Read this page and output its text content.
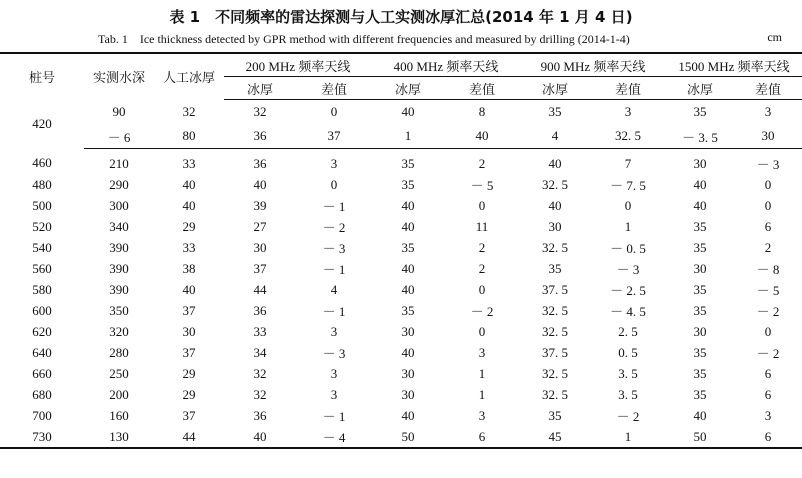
表 1　不同频率的雷达探测与人工实测冰厚汇总(2014 年 1 月 4 日)
Tab. 1　Ice thickness detected by GPR method with different frequencies and measured by drilling (2014-1-4)	cm
桩号	实测水深	人工冰厚	200 MHz 频率天线		400 MHz 频率天线		900 MHz 频率天线		1500 MHz 频率天线	
			冰厚	差值	冰厚	差值	冰厚	差值	冰厚	差值
420	90	32	32	0	40	8	35	3	35	3
	－ 6	80	36	37	1	40	4	32. 5	－ 3. 5	30
460	210	33	36	3	35	2	40	7	30	－ 3
480	290	40	40	0	35	－ 5	32. 5	－ 7. 5	40	0
500	300	40	39	－ 1	40	0	40	0	40	0
520	340	29	27	－ 2	40	11	30	1	35	6
540	390	33	30	－ 3	35	2	32. 5	－ 0. 5	35	2
560	390	38	37	－ 1	40	2	35	－ 3	30	－ 8
580	390	40	44	4	40	0	37. 5	－ 2. 5	35	－ 5
600	350	37	36	－ 1	35	－ 2	32. 5	－ 4. 5	35	－ 2
620	320	30	33	3	30	0	32. 5	2. 5	30	0
640	280	37	34	－ 3	40	3	37. 5	0. 5	35	－ 2
660	250	29	32	3	30	1	32. 5	3. 5	35	6
680	200	29	32	3	30	1	32. 5	3. 5	35	6
700	160	37	36	－ 1	40	3	35	－ 2	40	3
730	130	44	40	－ 4	50	6	45	1	50	6
